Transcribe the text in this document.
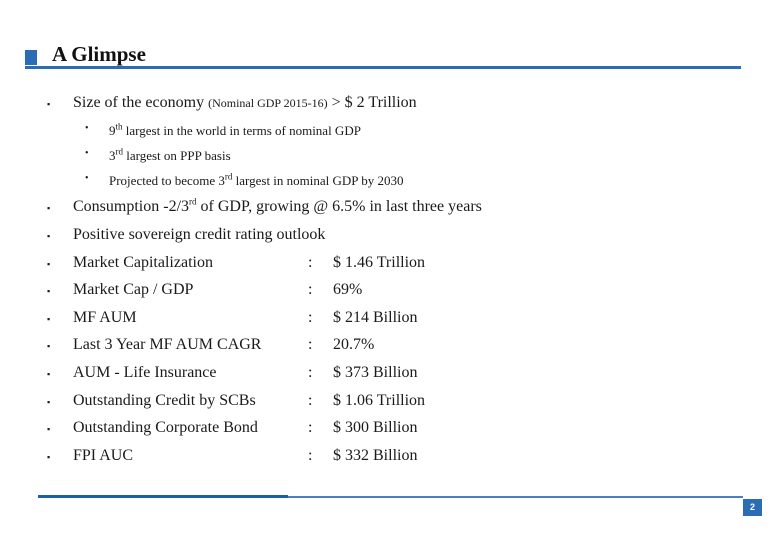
A Glimpse
▪ Size of the economy (Nominal GDP 2015-16) > $ 2 Trillion
• 9th largest in the world in terms of nominal GDP
• 3rd largest on PPP basis
• Projected to become 3rd largest in nominal GDP by 2030
▪ Consumption -2/3rd of GDP, growing @ 6.5% in last three years
▪ Positive sovereign credit rating outlook
▪ Market Capitalization	: $ 1.46 Trillion
▪ Market Cap / GDP	: 69%
▪ MF AUM	: $ 214 Billion
▪ Last 3 Year MF AUM CAGR	: 20.7%
▪ AUM - Life Insurance	: $ 373 Billion
▪ Outstanding Credit by SCBs	: $ 1.06 Trillion
▪ Outstanding Corporate Bond	: $ 300 Billion
▪ FPI AUC	: $ 332 Billion
2
